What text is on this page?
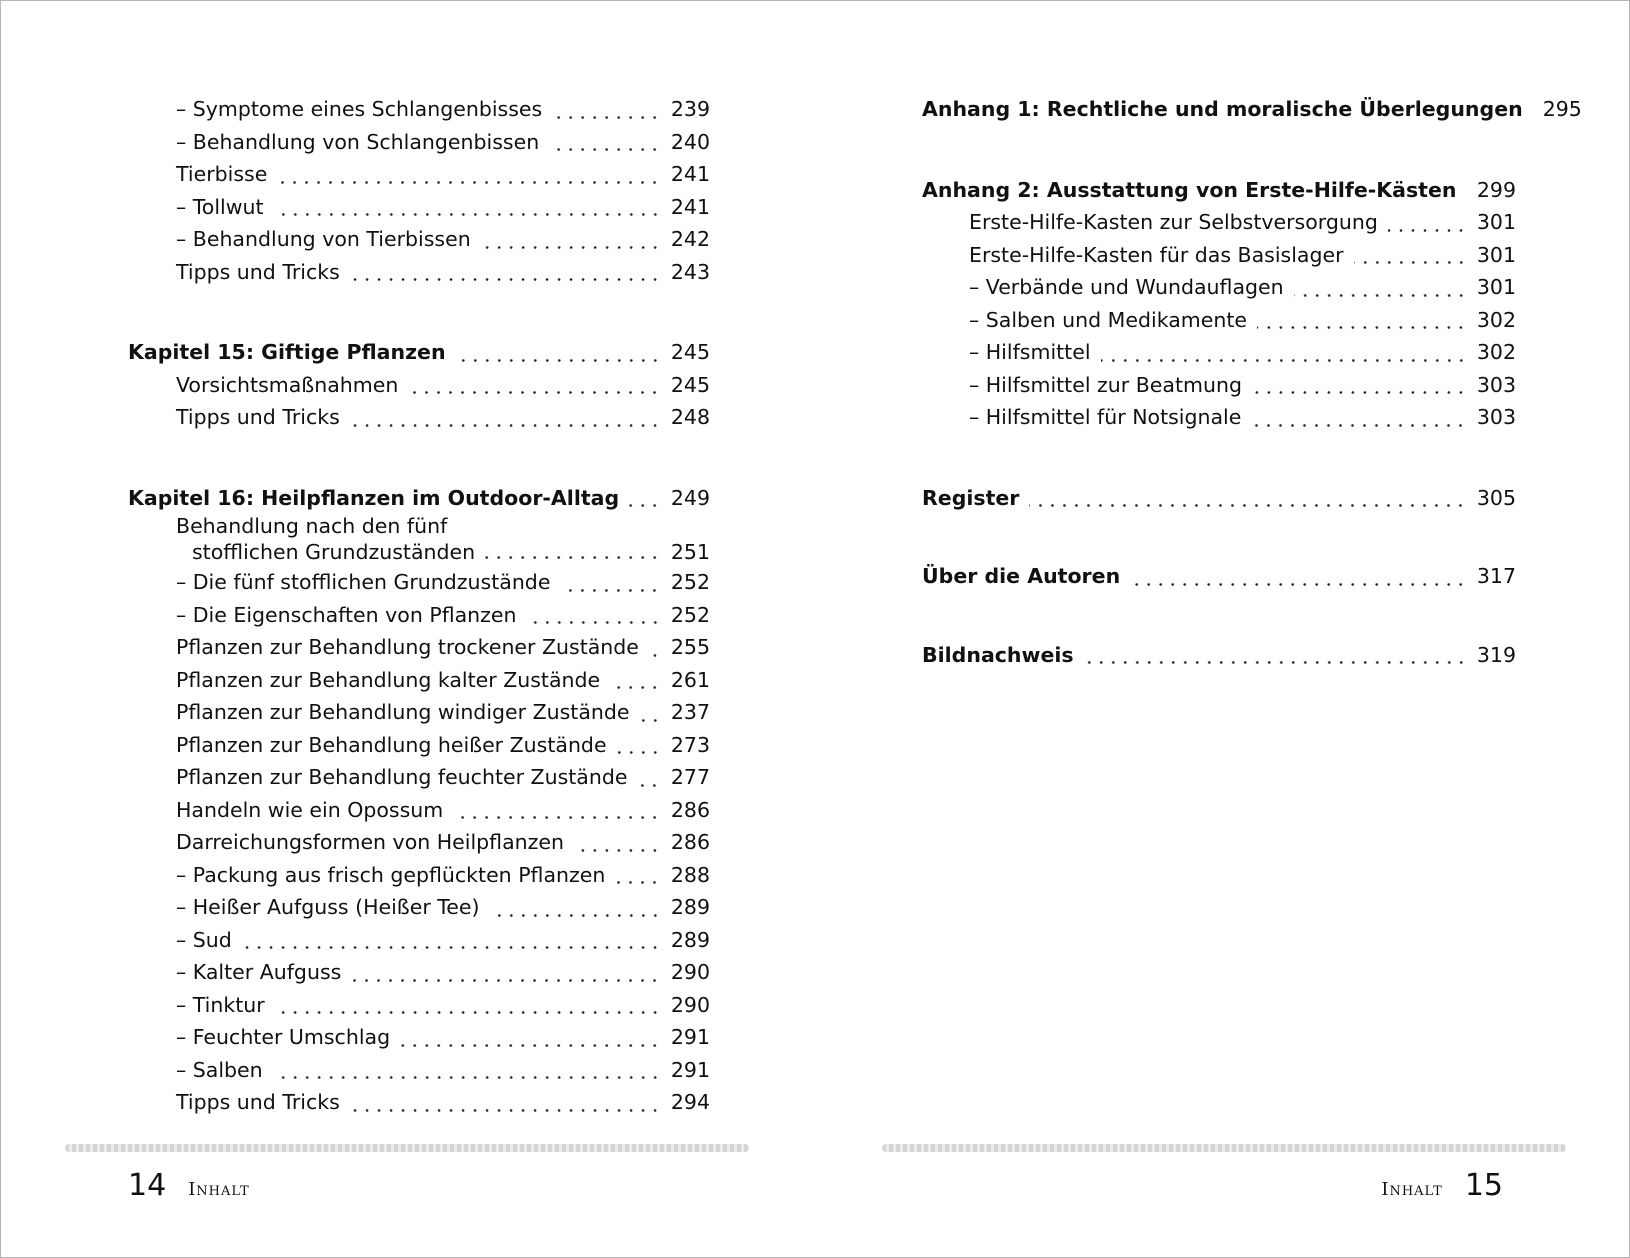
– Symptome eines Schlangenbisses	239
– Behandlung von Schlangenbissen	240
Tierbisse	241
– Tollwut	241
– Behandlung von Tierbissen	242
Tipps und Tricks	243
Kapitel 15: Giftige Pflanzen	245
Vorsichtsmaßnahmen	245
Tipps und Tricks	248
Kapitel 16: Heilpflanzen im Outdoor-Alltag	249
Behandlung nach den fünf
stofflichen Grundzuständen	251
– Die fünf stofflichen Grundzustände	252
– Die Eigenschaften von Pflanzen	252
Pflanzen zur Behandlung trockener Zustände 255
Pflanzen zur Behandlung kalter Zustände	261
Pflanzen zur Behandlung windiger Zustände 237
Pflanzen zur Behandlung heißer Zustände	273
Pflanzen zur Behandlung feuchter Zustände 277
Handeln wie ein Opossum	286
Darreichungsformen von Heilpflanzen	286
– Packung aus frisch gepflückten Pflanzen	288
– Heißer Aufguss (Heißer Tee)	289
– Sud	289
– Kalter Aufguss	290
– Tinktur	290
– Feuchter Umschlag	291
– Salben	291
Tipps und Tricks	294
14 Inhalt
Anhang 1: Rechtliche und moralische Überlegungen 295
Anhang 2: Ausstattung von Erste-Hilfe-Kästen 299
Erste-Hilfe-Kasten zur Selbstversorgung	301
Erste-Hilfe-Kasten für das Basislager	301
– Verbände und Wundauflagen	301
– Salben und Medikamente	302
– Hilfsmittel	302
– Hilfsmittel zur Beatmung	303
– Hilfsmittel für Notsignale	303
Register	305
Über die Autoren	317
Bildnachweis	319
Inhalt 15
